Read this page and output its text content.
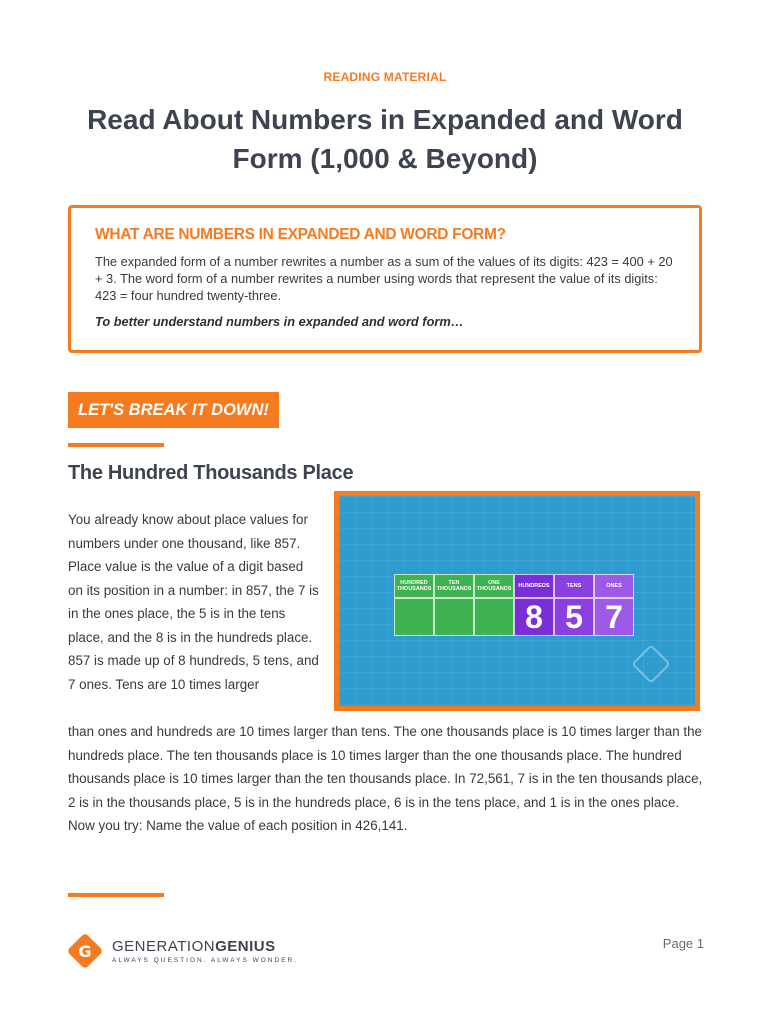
READING MATERIAL
Read About Numbers in Expanded and Word Form (1,000 & Beyond)
WHAT ARE NUMBERS IN EXPANDED AND WORD FORM?

The expanded form of a number rewrites a number as a sum of the values of its digits: 423 = 400 + 20 + 3. The word form of a number rewrites a number using words that represent the value of its digits: 423 = four hundred twenty-three.

To better understand numbers in expanded and word form…

LET'S BREAK IT DOWN!
The Hundred Thousands Place

You already know about place values for numbers under one thousand, like 857. Place value is the value of a digit based on its position in a number: in 857, the 7 is in the ones place, the 5 is in the tens place, and the 8 is in the hundreds place. 857 is made up of 8 hundreds, 5 tens, and 7 ones. Tens are 10 times larger

HUNDRED THOUSANDS
TEN THOUSANDS
ONE THOUSANDS
HUNDREDS
8
TENS
5
ONES
7

than ones and hundreds are 10 times larger than tens. The one thousands place is 10 times larger than the hundreds place. The ten thousands place is 10 times larger than the one thousands place. The hundred thousands place is 10 times larger than the ten thousands place. In 72,561, 7 is in the ten thousands place, 2 is in the thousands place, 5 is in the hundreds place, 6 is in the tens place, and 1 is in the ones place. Now you try: Name the value of each position in 426,141.

G GENERATIONGENIUS
ALWAYS QUESTION. ALWAYS WONDER.
Page 1
